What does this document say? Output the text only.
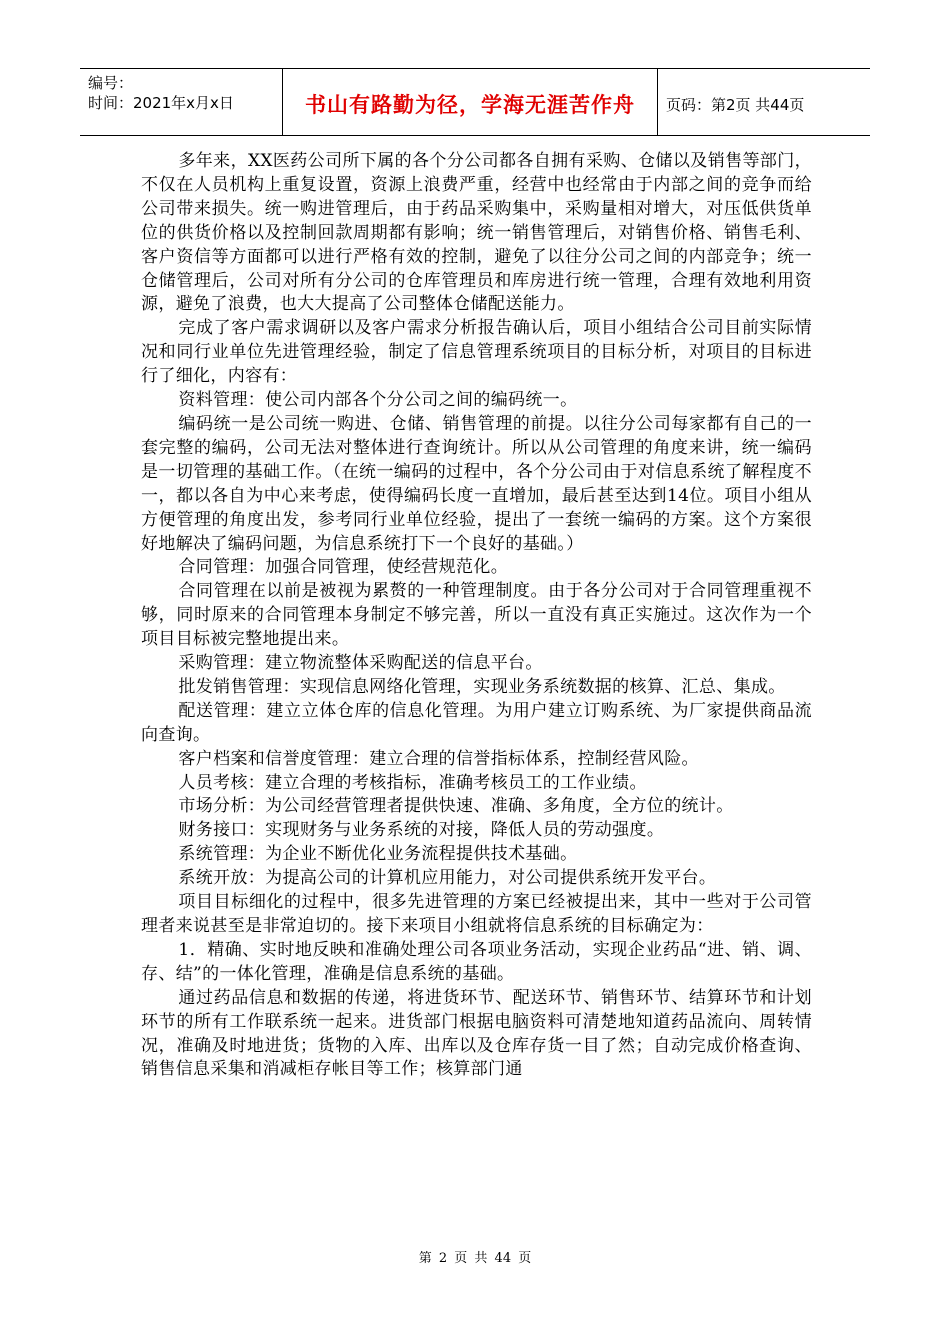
编号：
时间：2021年x月x日	书山有路勤为径，学海无涯苦作舟	页码：第2页 共44页

多年来，XX医药公司所下属的各个分公司都各自拥有采购、仓储以及销售等部门，不仅在人员机构上重复设置，资源上浪费严重，经营中也经常由于内部之间的竞争而给公司带来损失。统一购进管理后，由于药品采购集中，采购量相对增大，对压低供货单位的供货价格以及控制回款周期都有影响；统一销售管理后，对销售价格、销售毛利、客户资信等方面都可以进行严格有效的控制，避免了以往分公司之间的内部竞争；统一仓储管理后，公司对所有分公司的仓库管理员和库房进行统一管理，合理有效地利用资源，避免了浪费，也大大提高了公司整体仓储配送能力。

完成了客户需求调研以及客户需求分析报告确认后，项目小组结合公司目前实际情况和同行业单位先进管理经验，制定了信息管理系统项目的目标分析，对项目的目标进行了细化，内容有：

资料管理：使公司内部各个分公司之间的编码统一。

编码统一是公司统一购进、仓储、销售管理的前提。以往分公司每家都有自己的一套完整的编码，公司无法对整体进行查询统计。所以从公司管理的角度来讲，统一编码是一切管理的基础工作。（在统一编码的过程中，各个分公司由于对信息系统了解程度不一，都以各自为中心来考虑，使得编码长度一直增加，最后甚至达到14位。项目小组从方便管理的角度出发，参考同行业单位经验，提出了一套统一编码的方案。这个方案很好地解决了编码问题，为信息系统打下一个良好的基础。）

合同管理：加强合同管理，使经营规范化。

合同管理在以前是被视为累赘的一种管理制度。由于各分公司对于合同管理重视不够，同时原来的合同管理本身制定不够完善，所以一直没有真正实施过。这次作为一个项目目标被完整地提出来。

采购管理：建立物流整体采购配送的信息平台。

批发销售管理：实现信息网络化管理，实现业务系统数据的核算、汇总、集成。

配送管理：建立立体仓库的信息化管理。为用户建立订购系统、为厂家提供商品流向查询。

客户档案和信誉度管理：建立合理的信誉指标体系，控制经营风险。

人员考核：建立合理的考核指标，准确考核员工的工作业绩。

市场分析：为公司经营管理者提供快速、准确、多角度，全方位的统计。

财务接口：实现财务与业务系统的对接，降低人员的劳动强度。

系统管理：为企业不断优化业务流程提供技术基础。

系统开放：为提高公司的计算机应用能力，对公司提供系统开发平台。

项目目标细化的过程中，很多先进管理的方案已经被提出来，其中一些对于公司管理者来说甚至是非常迫切的。接下来项目小组就将信息系统的目标确定为：

1．精确、实时地反映和准确处理公司各项业务活动，实现企业药品“进、销、调、存、结”的一体化管理，准确是信息系统的基础。

通过药品信息和数据的传递，将进货环节、配送环节、销售环节、结算环节和计划环节的所有工作联系统一起来。进货部门根据电脑资料可清楚地知道药品流向、周转情况，准确及时地进货；货物的入库、出库以及仓库存货一目了然；自动完成价格查询、销售信息采集和消减柜存帐目等工作；核算部门通

第 2 页 共 44 页
